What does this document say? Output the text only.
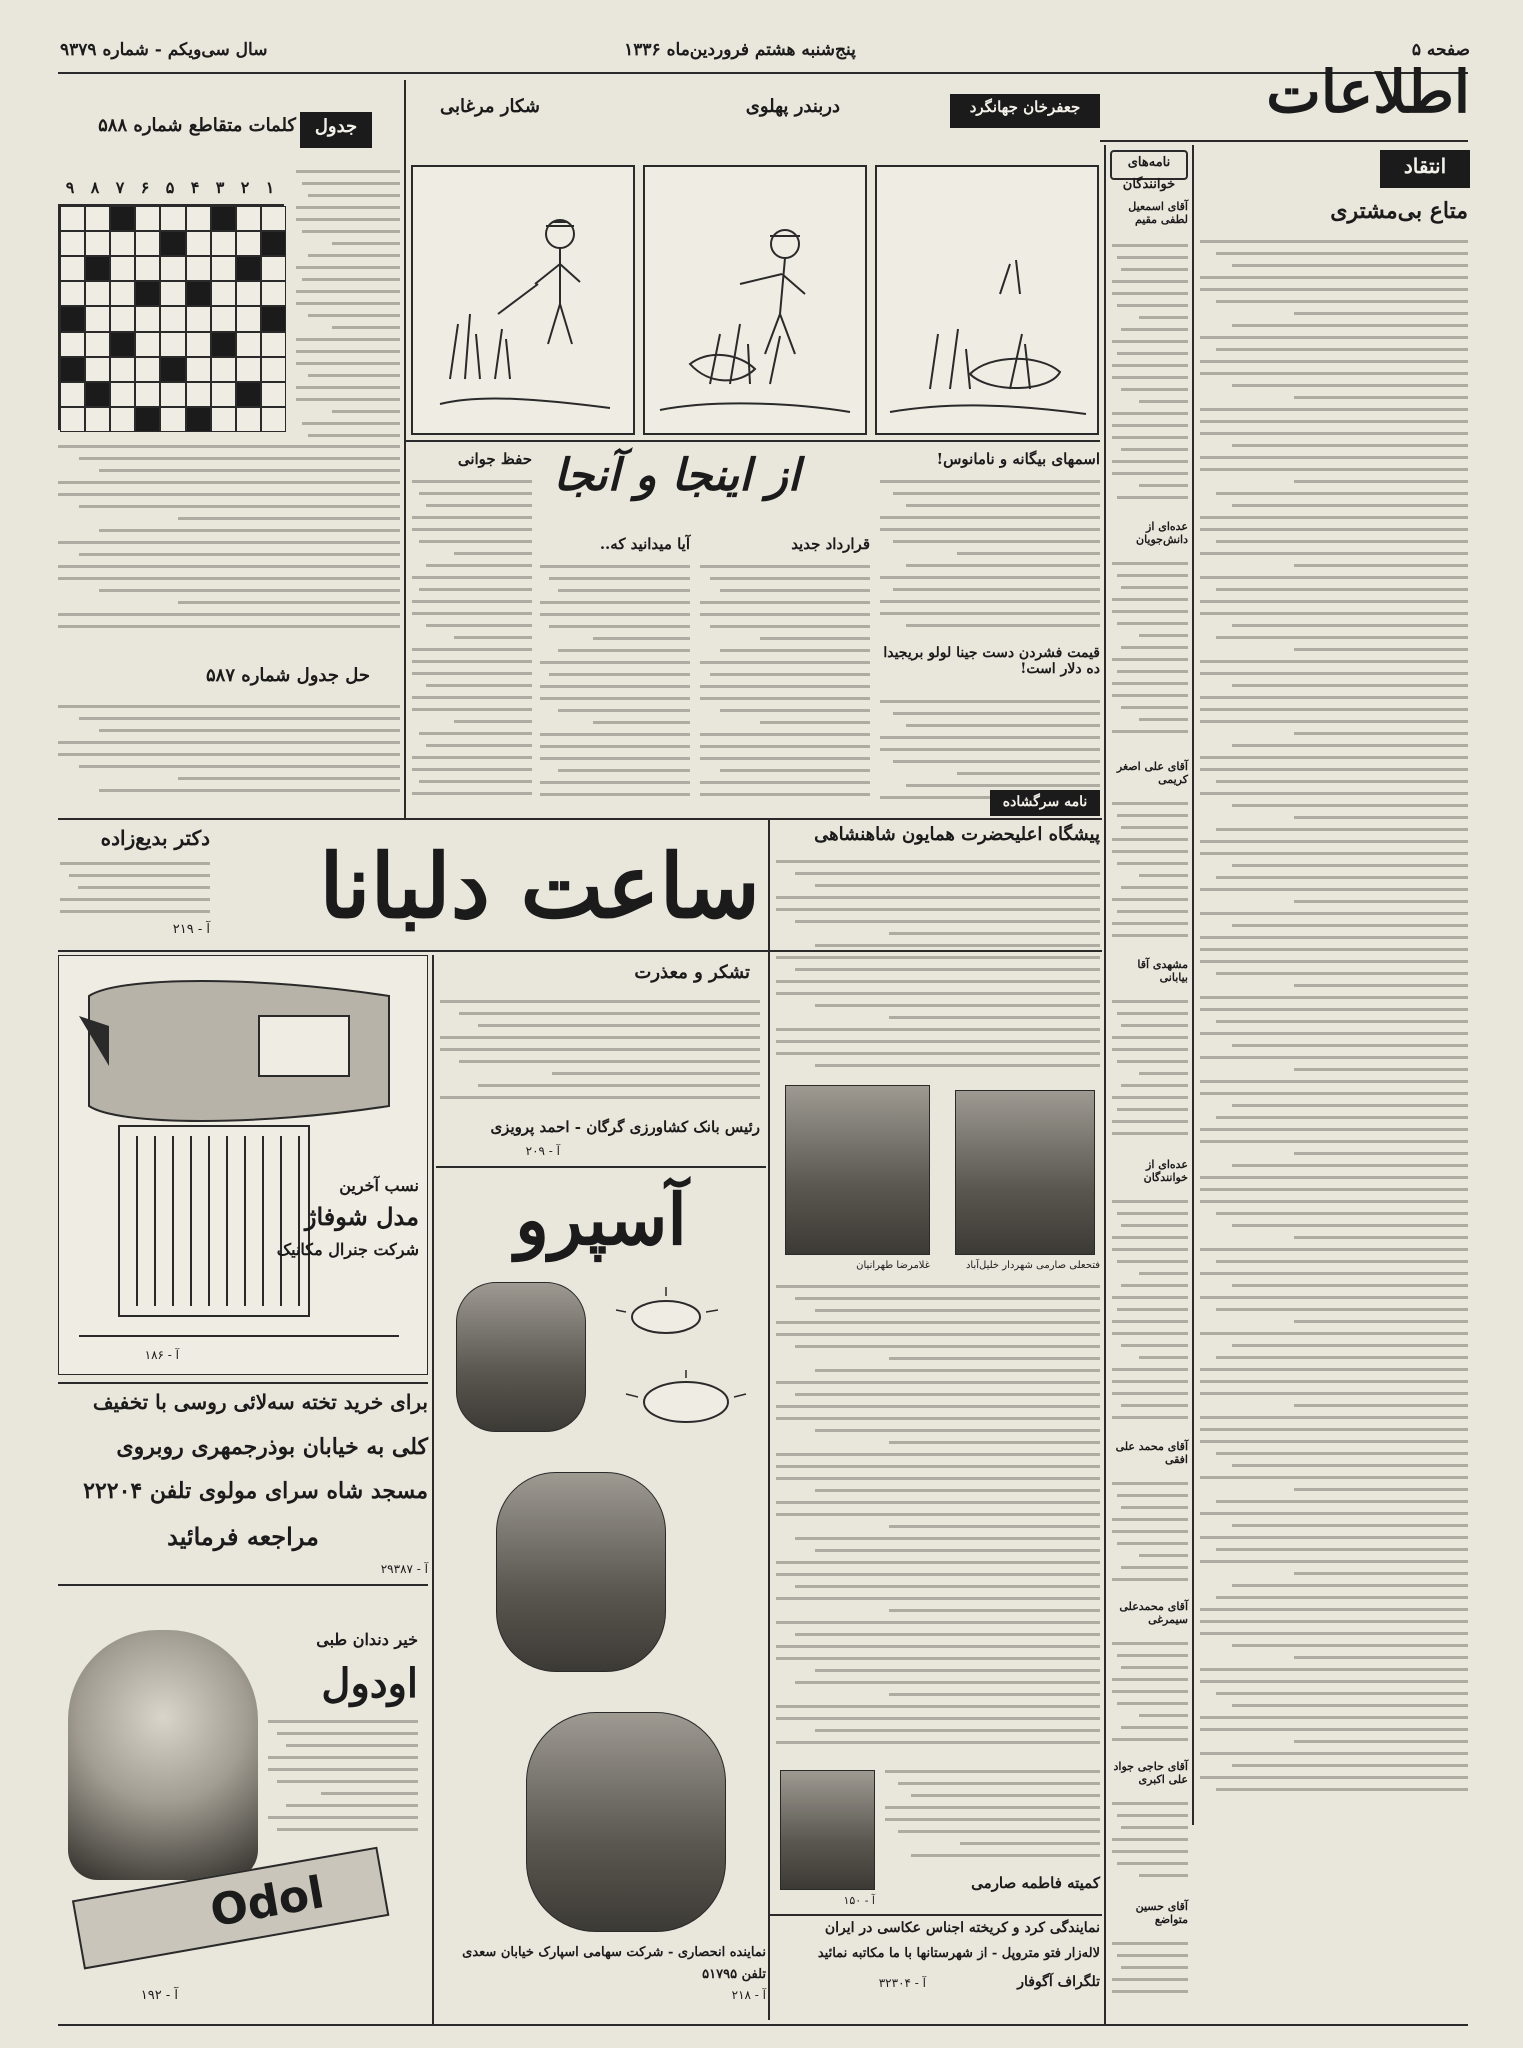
صفحه ۵
پنج‌شنبه هشتم فروردین‌ماه ۱۳۳۶
سال سی‌ویکم - شماره ۹۳۷۹
اطلاعات
انتقاد
متاع بی‌مشتری
نامه‌های خوانندگان
آقای اسمعیل لطفی مقیم
عده‌ای از دانش‌جویان
آقای علی اصغر کریمی
مشهدی آقا بیابانی
عده‌ای از خوانندگان
آقای محمد علی افقی
آقای محمدعلی سیمرغی
آقای حاجی جواد علی اکبری
آقای حسین متواضع
جدول
کلمات متقاطع شماره ۵۸۸
۹	۸	۷	۶	۵	۴	۳	۲	۱
حل جدول شماره ۵۸۷
جعفرخان جهانگرد
دربندر پهلوی
شکار مرغابی
از اینجا و آنجا	اسمهای بیگانه و نامانوس!
قیمت فشردن دست جینا لولو بریجیدا ده دلار است!
قرارداد جدید
آیا میدانید که..
حفظ جوانی
دکتر بدیع‌زاده
آ - ۲۱۹	ساعت دلبانا
نسب آخرین
مدل شوفاژ
شرکت جنرال مکانیک
آ - ۱۸۶
برای خرید تخته سه‌لائی روسی با تخفیف
کلی به خیابان بوذرجمهری روبروی
مسجد شاه سرای مولوی تلفن ۲۲۲۰۴
مراجعه فرمائید
آ - ۲۹۳۸۷
خیر دندان طبی
اودول
Odol
آ - ۱۹۲
تشکر و معذرت
رئیس بانک کشاورزی گرگان - احمد پرویزی
آ - ۲۰۹
آسپرو
نماینده انحصاری - شرکت سهامی اسپارک خیابان سعدی تلفن ۵۱۷۹۵
آ - ۲۱۸
نامه سرگشاده
پیشگاه اعلیحضرت همایون شاهنشاهی
فتحعلی صارمی شهردار خلیل‌آباد
غلامرضا طهرانیان
کمیته فاطمه صارمی
آ - ۱۵۰
نمایندگی کرد و کریخته اجناس عکاسی در ایران
لاله‌زار فتو متروپل - از شهرستانها با ما مکاتبه نمائید
تلگراف آگوفار
آ - ۳۲۳۰۴
